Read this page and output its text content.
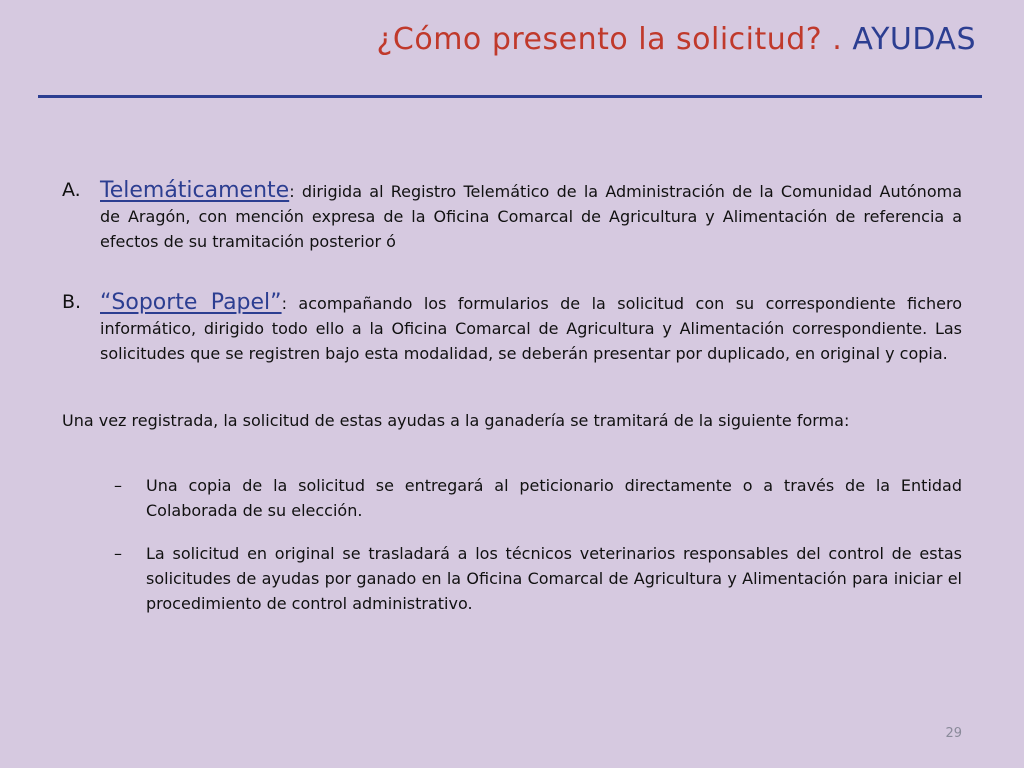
¿Cómo presento la solicitud? . AYUDAS
A. Telemáticamente: dirigida al Registro Telemático de la Administración de la Comunidad Autónoma de Aragón, con mención expresa de la Oficina Comarcal de Agricultura y Alimentación de referencia a efectos de su tramitación posterior ó
B. “Soporte Papel”: acompañando los formularios de la solicitud con su correspondiente fichero informático, dirigido todo ello a la Oficina Comarcal de Agricultura y Alimentación correspondiente. Las solicitudes que se registren bajo esta modalidad, se deberán presentar por duplicado, en original y copia.
Una vez registrada, la solicitud de estas ayudas a la ganadería se tramitará de la siguiente forma:
–	Una copia de la solicitud se entregará al peticionario directamente o a través de la Entidad Colaborada de su elección.
–	La solicitud en original se trasladará a los técnicos veterinarios responsables del control de estas solicitudes de ayudas por ganado en la Oficina Comarcal de Agricultura y Alimentación para iniciar el procedimiento de control administrativo.
29
